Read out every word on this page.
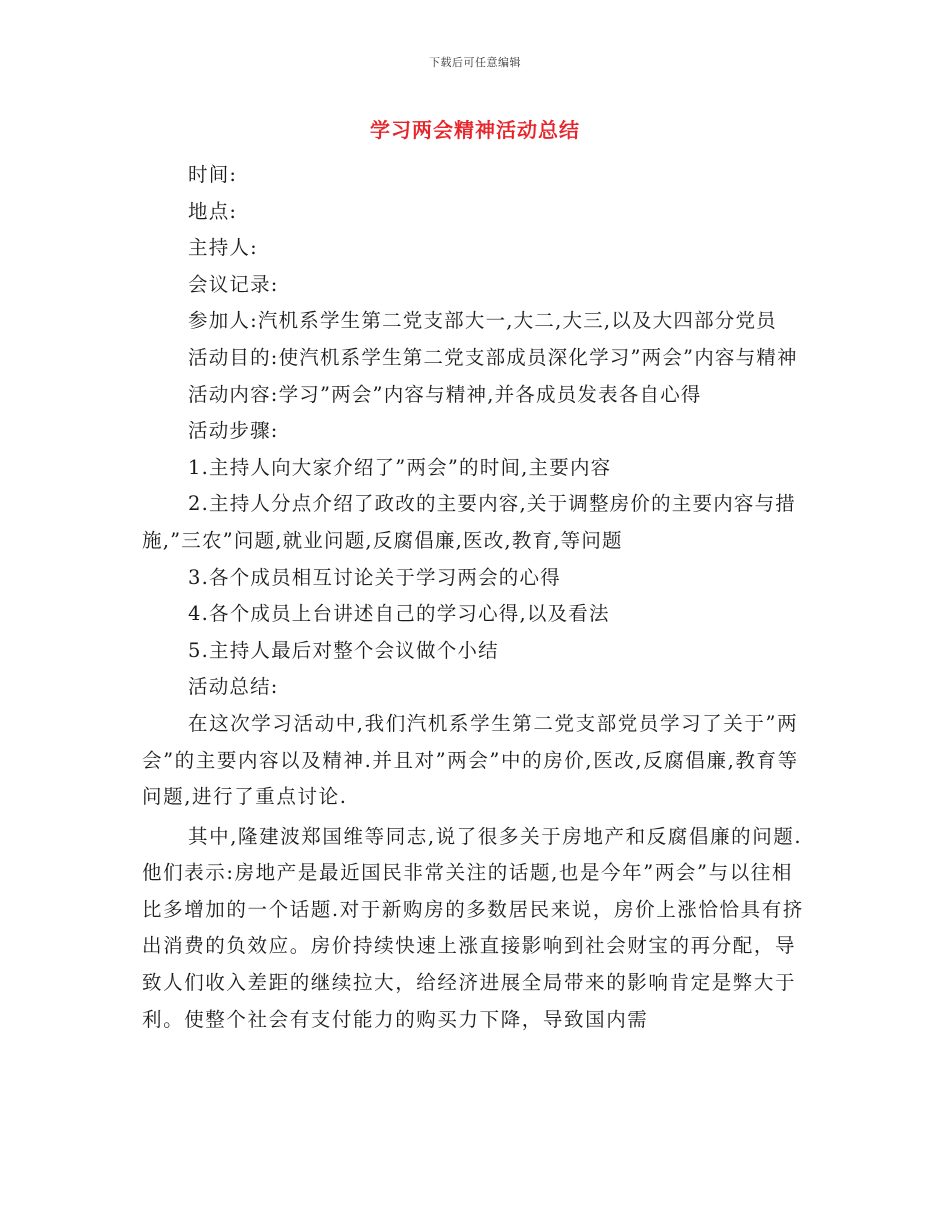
下载后可任意编辑
学习两会精神活动总结

时间:

地点:

主持人:

会议记录:

参加人:汽机系学生第二党支部大一,大二,大三,以及大四部分党员

活动目的:使汽机系学生第二党支部成员深化学习”两会”内容与精神

活动内容:学习”两会”内容与精神,并各成员发表各自心得

活动步骤:

1.主持人向大家介绍了”两会”的时间,主要内容

2.主持人分点介绍了政改的主要内容,关于调整房价的主要内容与措施,”三农”问题,就业问题,反腐倡廉,医改,教育,等问题

3.各个成员相互讨论关于学习两会的心得

4.各个成员上台讲述自己的学习心得,以及看法

5.主持人最后对整个会议做个小结

活动总结:

在这次学习活动中,我们汽机系学生第二党支部党员学习了关于”两会”的主要内容以及精神.并且对”两会”中的房价,医改,反腐倡廉,教育等问题,进行了重点讨论.

其中,隆建波郑国维等同志,说了很多关于房地产和反腐倡廉的问题.他们表示:房地产是最近国民非常关注的话题,也是今年”两会”与以往相比多增加的一个话题.对于新购房的多数居民来说，房价上涨恰恰具有挤出消费的负效应。房价持续快速上涨直接影响到社会财宝的再分配，导致人们收入差距的继续拉大，给经济进展全局带来的影响肯定是弊大于利。使整个社会有支付能力的购买力下降，导致国内需
